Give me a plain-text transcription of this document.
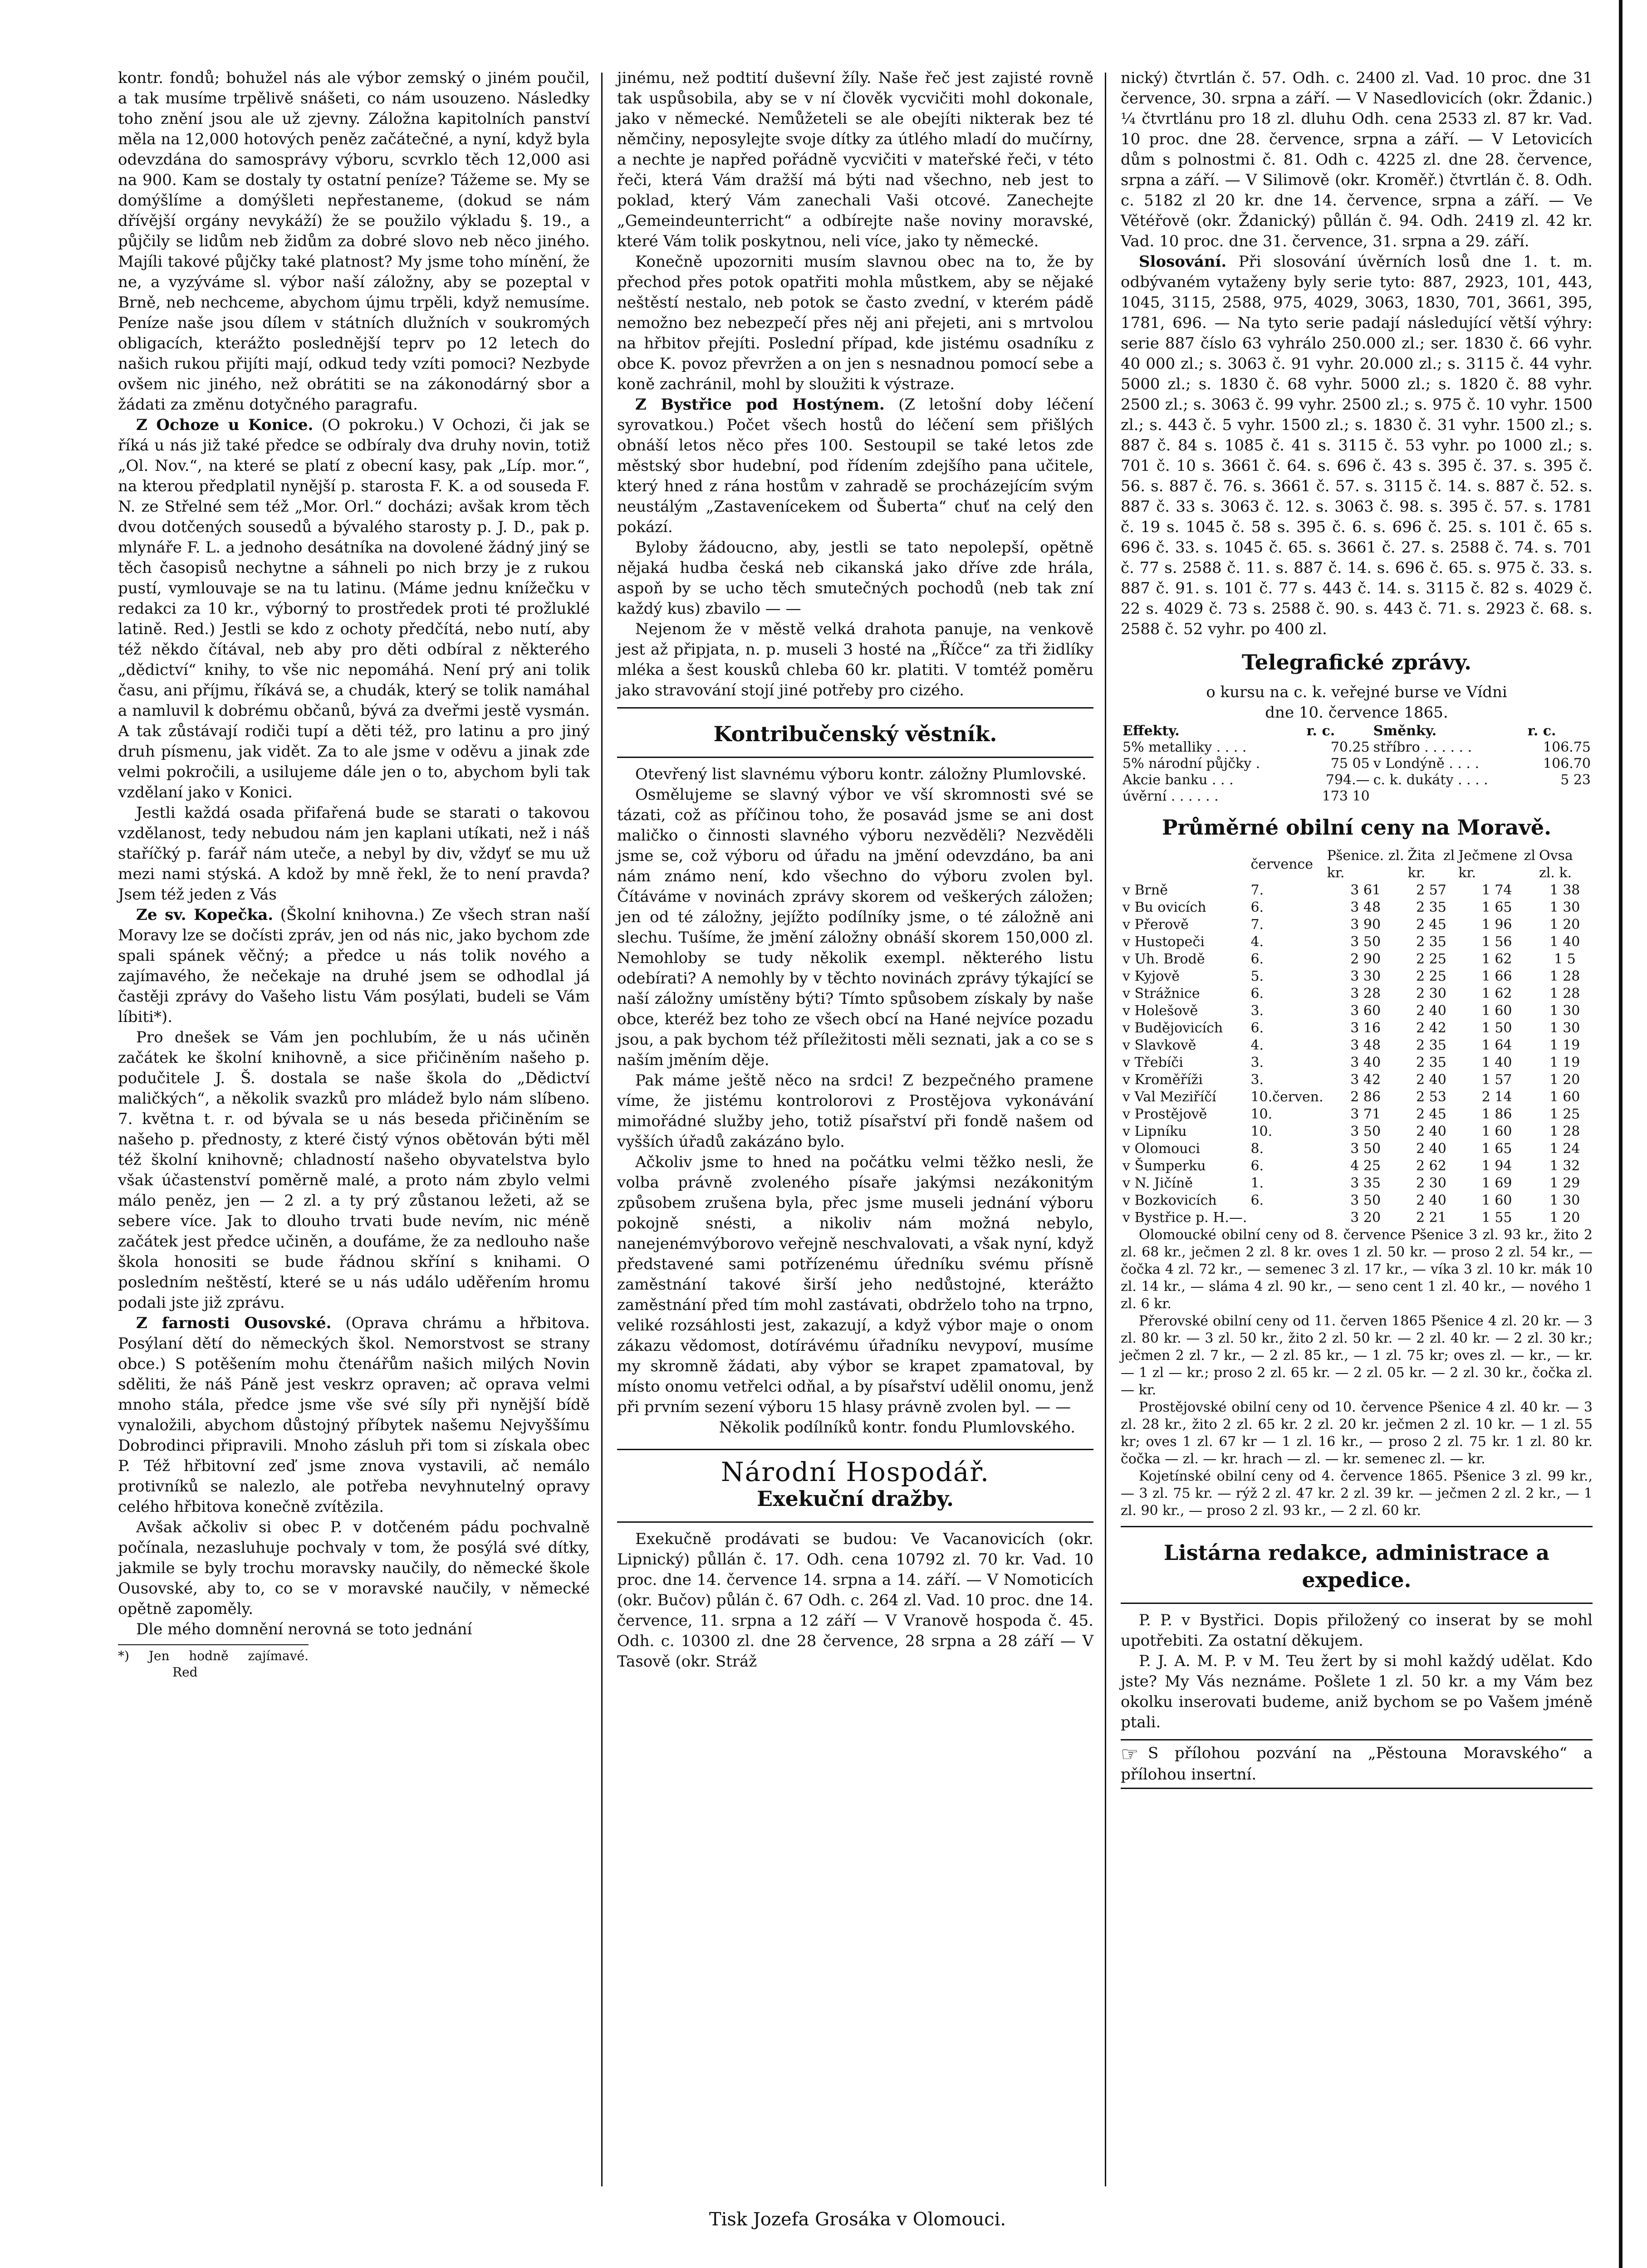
kontr. fondů; bohužel nás ale výbor zemský o jiném poučil, a tak musíme trpělivě snášeti, co nám usouzeno. Následky toho znění jsou ale už zjevny. Záložna kapitolních panství měla na 12,000 hotových peněz začátečné, a nyní, když byla odevzdána do samosprávy výboru, scvrklo těch 12,000 asi na 900. Kam se dostaly ty ostatní peníze? Tážeme se. My se domýšlíme a domýšleti nepřestaneme, (dokud se nám dřívější orgány nevykáží) že se použilo výkladu §. 19., a půjčily se lidům neb židům za dobré slovo neb něco jiného. Majíli takové půjčky také platnost? My jsme toho mínění, že ne, a vyzýváme sl. výbor naší záložny, aby se pozeptal v Brně, neb nechceme, abychom újmu trpěli, když nemusíme. Peníze naše jsou dílem v státních dlužních v soukromých obligacích, kterážto poslednější teprv po 12 letech do našich rukou přijíti mají, odkud tedy vzíti pomoci? Nezbyde ovšem nic jiného, než obrátiti se na zákonodárný sbor a žádati za změnu dotyčného paragrafu.

Z Ochoze u Konice. (O pokroku.) V Ochozi, či jak se říká u nás již také předce se odbíraly dva druhy novin, totiž „Ol. Nov.“, na které se platí z obecní kasy, pak „Líp. mor.“, na kterou předplatil nynější p. starosta F. K. a od souseda F. N. ze Střelné sem též „Mor. Orl.“ docházi; avšak krom těch dvou dotčených sousedů a bývalého starosty p. J. D., pak p. mlynáře F. L. a jednoho desátníka na dovolené žádný jiný se těch časopisů nechytne a sáhneli po nich brzy je z rukou pustí, vymlouvaje se na tu latinu. (Máme jednu knížečku v redakci za 10 kr., výborný to prostředek proti té prožluklé latině. Red.) Jestli se kdo z ochoty předčítá, nebo nutí, aby též někdo čítával, neb aby pro děti odbíral z některého „dědictví“ knihy, to vše nic nepomáhá. Není prý ani tolik času, ani příjmu, říkává se, a chudák, který se tolik namáhal a namluvil k dobrému občanů, bývá za dveřmi jestě vysmán. A tak zůstávají rodiči tupí a děti též, pro latinu a pro jiný druh písmenu, jak vidět. Za to ale jsme v oděvu a jinak zde velmi pokročili, a usilujeme dále jen o to, abychom byli tak vzdělaní jako v Konici.

Jestli každá osada přifařená bude se starati o takovou vzdělanost, tedy nebudou nám jen kaplani utíkati, než i náš staříčký p. farář nám uteče, a nebyl by div, vždyť se mu už mezi nami stýská. A kdož by mně řekl, že to není pravda? Jsem též jeden z Vás

Ze sv. Kopečka. (Školní knihovna.) Ze všech stran naší Moravy lze se dočísti zpráv, jen od nás nic, jako bychom zde spali spánek věčný; a předce u nás tolik nového a zajímavého, že nečekaje na druhé jsem se odhodlal já častěji zprávy do Vašeho listu Vám posýlati, budeli se Vám líbiti*).

Pro dnešek se Vám jen pochlubím, že u nás učiněn začátek ke školní knihovně, a sice přičiněním našeho p. podučitele J. Š. dostala se naše škola do „Dědictví maličkých“, a několik svazků pro mládež bylo nám slíbeno. 7. května t. r. od bývala se u nás beseda přičiněním se našeho p. přednosty, z které čistý výnos obětován býti měl též školní knihovně; chladností našeho obyvatelstva bylo však účastenství poměrně malé, a proto nám zbylo velmi málo peněz, jen — 2 zl. a ty prý zůstanou ležeti, až se sebere více. Jak to dlouho trvati bude nevím, nic méně začátek jest předce učiněn, a doufáme, že za nedlouho naše škola honositi se bude řádnou skříní s knihami. O posledním neštěstí, které se u nás událo uděřením hromu podali jste již zprávu.

Z farnosti Ousovské. (Oprava chrámu a hřbitova. Posýlaní dětí do německých škol. Nemorstvost se strany obce.) S potěšením mohu čtenářům našich milých Novin sděliti, že náš Páně jest veskrz opraven; ač oprava velmi mnoho stála, předce jsme vše své síly při nynější bídě vynaložili, abychom důstojný příbytek našemu Nejvyššímu Dobrodinci připravili. Mnoho zásluh při tom si získala obec P. Též hřbitovní zeď jsme znova vystavili, ač nemálo protivníků se nalezlo, ale potřeba nevyhnutelný opravy celého hřbitova konečně zvítězila.

Avšak ačkoliv si obec P. v dotčeném pádu pochvalně počínala, nezasluhuje pochvaly v tom, že posýlá své dítky, jakmile se byly trochu moravsky naučily, do německé škole Ousovské, aby to, co se v moravské naučily, v německé opětně zapoměly.

Dle mého domnění nerovná se toto jednání

*) Jen hodně zajímavé. Red

jinému, než podtití duševní žíly. Naše řeč jest zajisté rovně tak uspůsobila, aby se v ní člověk vycvičiti mohl dokonale, jako v německé. Nemůžeteli se ale obejíti nikterak bez té němčiny, neposylejte svoje dítky za útlého mladí do mučírny, a nechte je napřed pořádně vycvičiti v mateřské řeči, v této řeči, která Vám dražší má býti nad všechno, neb jest to poklad, který Vám zanechali Vaši otcové. Zanechejte „Gemeindeunterricht“ a odbírejte naše noviny moravské, které Vám tolik poskytnou, neli více, jako ty německé.

Konečně upozorniti musím slavnou obec na to, že by přechod přes potok opatřiti mohla můstkem, aby se nějaké neštěstí nestalo, neb potok se často zvední, v kterém pádě nemožno bez nebezpečí přes něj ani přejeti, ani s mrtvolou na hřbitov přejíti. Poslední případ, kde jistému osadníku z obce K. povoz převržen a on jen s nesnadnou pomocí sebe a koně zachránil, mohl by sloužiti k výstraze.

Z Bystřice pod Hostýnem. (Z letošní doby léčení syrovatkou.) Počet všech hostů do léčení sem přišlých obnáší letos něco přes 100. Sestoupil se také letos zde městský sbor hudební, pod řídením zdejšího pana učitele, který hned z rána hostům v zahradě se procházejícím svým neustálým „Zastavenícekem od Šuberta“ chuť na celý den pokází.

Byloby žádoucno, aby, jestli se tato nepolepší, opětně nějaká hudba česká neb cikanská jako dříve zde hrála, aspoň by se ucho těch smutečných pochodů (neb tak zní každý kus) zbavilo — —

Nejenom že v městě velká drahota panuje, na venkově jest až připjata, n. p. museli 3 hosté na „Říčce“ za tři židlíky mléka a šest kousků chleba 60 kr. platiti. V tomtéž poměru jako stravování stojí jiné potřeby pro cizého.

Kontribučenský věstník.

Otevřený list slavnému výboru kontr. záložny Plumlovské.

Osmělujeme se slavný výbor ve vší skromnosti své se tázati, což as příčinou toho, že posavád jsme se ani dost maličko o činnosti slavného výboru nezvěděli? Nezvěděli jsme se, což výboru od úřadu na jmění odevzdáno, ba ani nám známo není, kdo všechno do výboru zvolen byl. Čítáváme v novinách zprávy skorem od veškerých záložen; jen od té záložny, jejížto podílníky jsme, o té záložně ani slechu. Tušíme, že jmění záložny obnáší skorem 150,000 zl. Nemohloby se tudy několik exempl. některého listu odebírati? A nemohly by v těchto novinách zprávy týkající se naší záložny umístěny býti? Tímto spůsobem získaly by naše obce, kteréž bez toho ze všech obcí na Hané nejvíce pozadu jsou, a pak bychom též příležitosti měli seznati, jak a co se s naším jměním děje.

Pak máme ještě něco na srdci! Z bezpečného pramene víme, že jistému kontrolorovi z Prostějova vykonávání mimořádné služby jeho, totiž písařství při fondě našem od vyšších úřadů zakázáno bylo.

Ačkoliv jsme to hned na počátku velmi těžko nesli, že volba právně zvoleného písaře jakýmsi nezákonitým způsobem zrušena byla, přec jsme museli jednání výboru pokojně snésti, a nikoliv nám možná nebylo, nanejenémvýborovo veřejně neschvalovati, a však nyní, když představené sami potřízenému úředníku svému přísně zaměstnání takové širší jeho nedůstojné, kterážto zaměstnání před tím mohl zastávati, obdrželo toho na trpno, veliké rozsáhlosti jest, zakazují, a když výbor maje o onom zákazu vědomost, dotírávému úřadníku nevypoví, musíme my skromně žádati, aby výbor se krapet zpamatoval, by místo onomu vetřelci odňal, a by písařství udělil onomu, jenž při prvním sezení výboru 15 hlasy právně zvolen byl. — —

Několik podílníků kontr. fondu Plumlovského.

Národní Hospodář.
Exekuční dražby.

Exekučně prodávati se budou: Ve Vacanovicích (okr. Lipnický) půllán č. 17. Odh. cena 10792 zl. 70 kr. Vad. 10 proc. dne 14. července 14. srpna a 14. září. — V Nomoticích (okr. Bučov) půlán č. 67 Odh. c. 264 zl. Vad. 10 proc. dne 14. července, 11. srpna a 12 září — V Vranově hospoda č. 45. Odh. c. 10300 zl. dne 28 července, 28 srpna a 28 září — V Tasově (okr. Stráž

nický) čtvrtlán č. 57. Odh. c. 2400 zl. Vad. 10 proc. dne 31 července, 30. srpna a září. — V Nasedlovicích (okr. Ždanic.) ¼ čtvrtlánu pro 18 zl. dluhu Odh. cena 2533 zl. 87 kr. Vad. 10 proc. dne 28. července, srpna a září. — V Letovicích dům s polnostmi č. 81. Odh c. 4225 zl. dne 28. července, srpna a září. — V Silimově (okr. Kroměř.) čtvrtlán č. 8. Odh. c. 5182 zl 20 kr. dne 14. července, srpna a září. — Ve Větéřově (okr. Ždanický) půllán č. 94. Odh. 2419 zl. 42 kr. Vad. 10 proc. dne 31. července, 31. srpna a 29. září.

Slosování. Při slosování úvěrních losů dne 1. t. m. odbývaném vytaženy byly serie tyto: 887, 2923, 101, 443, 1045, 3115, 2588, 975, 4029, 3063, 1830, 701, 3661, 395, 1781, 696. — Na tyto serie padají následující větší výhry: serie 887 číslo 63 vyhrálo 250.000 zl.; ser. 1830 č. 66 vyhr. 40 000 zl.; s. 3063 č. 91 vyhr. 20.000 zl.; s. 3115 č. 44 vyhr. 5000 zl.; s. 1830 č. 68 vyhr. 5000 zl.; s. 1820 č. 88 vyhr. 2500 zl.; s. 3063 č. 99 vyhr. 2500 zl.; s. 975 č. 10 vyhr. 1500 zl.; s. 443 č. 5 vyhr. 1500 zl.; s. 1830 č. 31 vyhr. 1500 zl.; s. 887 č. 84 s. 1085 č. 41 s. 3115 č. 53 vyhr. po 1000 zl.; s. 701 č. 10 s. 3661 č. 64. s. 696 č. 43 s. 395 č. 37. s. 395 č. 56. s. 887 č. 76. s. 3661 č. 57. s. 3115 č. 14. s. 887 č. 52. s. 887 č. 33 s. 3063 č. 12. s. 3063 č. 98. s. 395 č. 57. s. 1781 č. 19 s. 1045 č. 58 s. 395 č. 6. s. 696 č. 25. s. 101 č. 65 s. 696 č. 33. s. 1045 č. 65. s. 3661 č. 27. s. 2588 č. 74. s. 701 č. 77 s. 2588 č. 11. s. 887 č. 14. s. 696 č. 65. s. 975 č. 33. s. 887 č. 91. s. 101 č. 77 s. 443 č. 14. s. 3115 č. 82 s. 4029 č. 22 s. 4029 č. 73 s. 2588 č. 90. s. 443 č. 71. s. 2923 č. 68. s. 2588 č. 52 vyhr. po 400 zl.

Telegrafické zprávy.
o kursu na c. k. veřejné burse ve Vídni
dne 10. července 1865.
Effekty.	r. c.	Směnky.	r. c.
5% metalliky . . . .	70.25	stříbro . . . . . .	106.75
5% národní půjčky .	75 05	v Londýně . . . .	106.70
Akcie banku . . .	794.—	c. k. dukáty . . . .	5 23
úvěrní . . . . . .	173 10		
Průměrné obilní ceny na Moravě.
	července	Pšenice. zl. kr.	Žita zl kr.	Ječmene zl kr.	Ovsa zl. k.
v Brně	7.	3 61	2 57	1 74	1 38
v Bu ovicích	6.	3 48	2 35	1 65	1 30
v Přerově	7.	3 90	2 45	1 96	1 20
v Hustopeči	4.	3 50	2 35	1 56	1 40
v Uh. Brodě	6.	2 90	2 25	1 62	1 5
v Kyjově	5.	3 30	2 25	1 66	1 28
v Strážnice	6.	3 28	2 30	1 62	1 28
v Holešově	3.	3 60	2 40	1 60	1 30
v Budějovicích	6.	3 16	2 42	1 50	1 30
v Slavkově	4.	3 48	2 35	1 64	1 19
v Třebíči	3.	3 40	2 35	1 40	1 19
v Kroměříži	3.	3 42	2 40	1 57	1 20
v Val Meziříčí	10.červen.	2 86	2 53	2 14	1 60
v Prostějově	10.	3 71	2 45	1 86	1 25
v Lipníku	10.	3 50	2 40	1 60	1 28
v Olomouci	8.	3 50	2 40	1 65	1 24
v Šumperku	6.	4 25	2 62	1 94	1 32
v N. Jičíně	1.	3 35	2 30	1 69	1 29
v Bozkovicích	6.	3 50	2 40	1 60	1 30
v Bystřice p. H.—.		3 20	2 21	1 55	1 20

Olomoucké obilní ceny od 8. července Pšenice 3 zl. 93 kr., žito 2 zl. 68 kr., ječmen 2 zl. 8 kr. oves 1 zl. 50 kr. — proso 2 zl. 54 kr., — čočka 4 zl. 72 kr., — semenec 3 zl. 17 kr., — víka 3 zl. 10 kr. mák 10 zl. 14 kr., — sláma 4 zl. 90 kr., — seno cent 1 zl. 40 kr., — nového 1 zl. 6 kr.

Přerovské obilní ceny od 11. červen 1865 Pšenice 4 zl. 20 kr. — 3 zl. 80 kr. — 3 zl. 50 kr., žito 2 zl. 50 kr. — 2 zl. 40 kr. — 2 zl. 30 kr.; ječmen 2 zl. 7 kr., — 2 zl. 85 kr., — 1 zl. 75 kr; oves zl. — kr., — kr. — 1 zl — kr.; proso 2 zl. 65 kr. — 2 zl. 05 kr. — 2 zl. 30 kr., čočka zl. — kr.

Prostějovské obilní ceny od 10. července Pšenice 4 zl. 40 kr. — 3 zl. 28 kr., žito 2 zl. 65 kr. 2 zl. 20 kr. ječmen 2 zl. 10 kr. — 1 zl. 55 kr; oves 1 zl. 67 kr — 1 zl. 16 kr., — proso 2 zl. 75 kr. 1 zl. 80 kr. čočka — zl. — kr. hrach — zl. — kr. semenec zl. — kr.

Kojetínské obilní ceny od 4. července 1865. Pšenice 3 zl. 99 kr., — 3 zl. 75 kr. — rýž 2 zl. 47 kr. 2 zl. 39 kr. — ječmen 2 zl. 2 kr., — 1 zl. 90 kr., — proso 2 zl. 93 kr., — 2 zl. 60 kr.

Listárna redakce, administrace a expedice.

P. P. v Bystřici. Dopis přiložený co inserat by se mohl upotřebiti. Za ostatní děkujem.

P. J. A. M. P. v M. Teu žert by si mohl každý udělat. Kdo jste? My Vás neznáme. Pošlete 1 zl. 50 kr. a my Vám bez okolku inserovati budeme, aniž bychom se po Vašem jméně ptali.

☞ S přílohou pozvání na „Pěstouna Moravského“ a přílohou insertní.

Tisk Jozefa Grosáka v Olomouci.
